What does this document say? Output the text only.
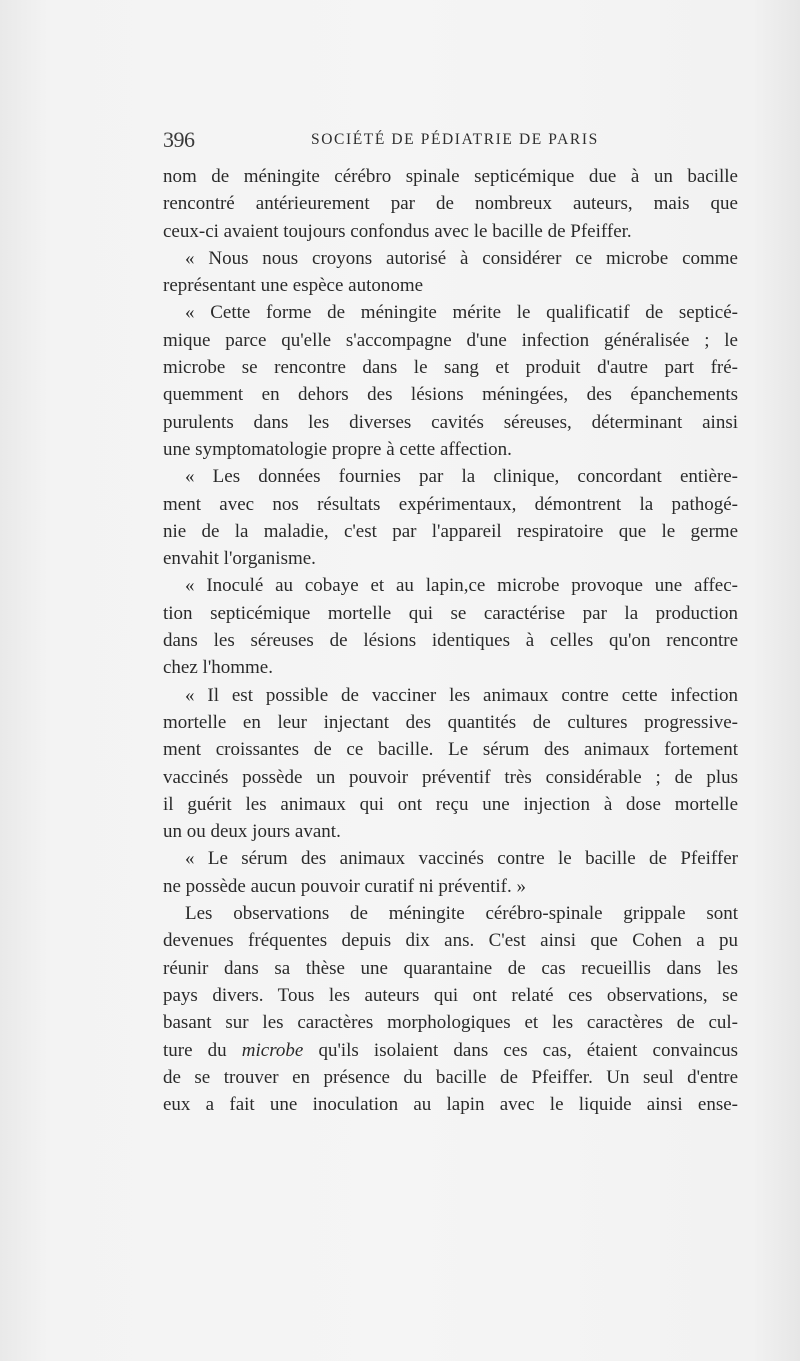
396	SOCIÉTÉ DE PÉDIATRIE DE PARIS
nom de méningite cérébro spinale septicémique due à un bacille
rencontré antérieurement par de nombreux auteurs, mais que
ceux-ci avaient toujours confondus avec le bacille de Pfeiffer.
« Nous nous croyons autorisé à considérer ce microbe comme
représentant une espèce autonome
« Cette forme de méningite mérite le qualificatif de septicé-
mique parce qu'elle s'accompagne d'une infection généralisée ; le
microbe se rencontre dans le sang et produit d'autre part fré-
quemment en dehors des lésions méningées, des épanchements
purulents dans les diverses cavités séreuses, déterminant ainsi
une symptomatologie propre à cette affection.
« Les données fournies par la clinique, concordant entière-
ment avec nos résultats expérimentaux, démontrent la pathogé-
nie de la maladie, c'est par l'appareil respiratoire que le germe
envahit l'organisme.
« Inoculé au cobaye et au lapin,ce microbe provoque une affec-
tion septicémique mortelle qui se caractérise par la production
dans les séreuses de lésions identiques à celles qu'on rencontre
chez l'homme.
« Il est possible de vacciner les animaux contre cette infection
mortelle en leur injectant des quantités de cultures progressive-
ment croissantes de ce bacille. Le sérum des animaux fortement
vaccinés possède un pouvoir préventif très considérable ; de plus
il guérit les animaux qui ont reçu une injection à dose mortelle
un ou deux jours avant.
« Le sérum des animaux vaccinés contre le bacille de Pfeiffer
ne possède aucun pouvoir curatif ni préventif. »
Les observations de méningite cérébro-spinale grippale sont
devenues fréquentes depuis dix ans. C'est ainsi que Cohen a pu
réunir dans sa thèse une quarantaine de cas recueillis dans les
pays divers. Tous les auteurs qui ont relaté ces observations, se
basant sur les caractères morphologiques et les caractères de cul-
ture du microbe qu'ils isolaient dans ces cas, étaient convaincus
de se trouver en présence du bacille de Pfeiffer. Un seul d'entre
eux a fait une inoculation au lapin avec le liquide ainsi ense-
